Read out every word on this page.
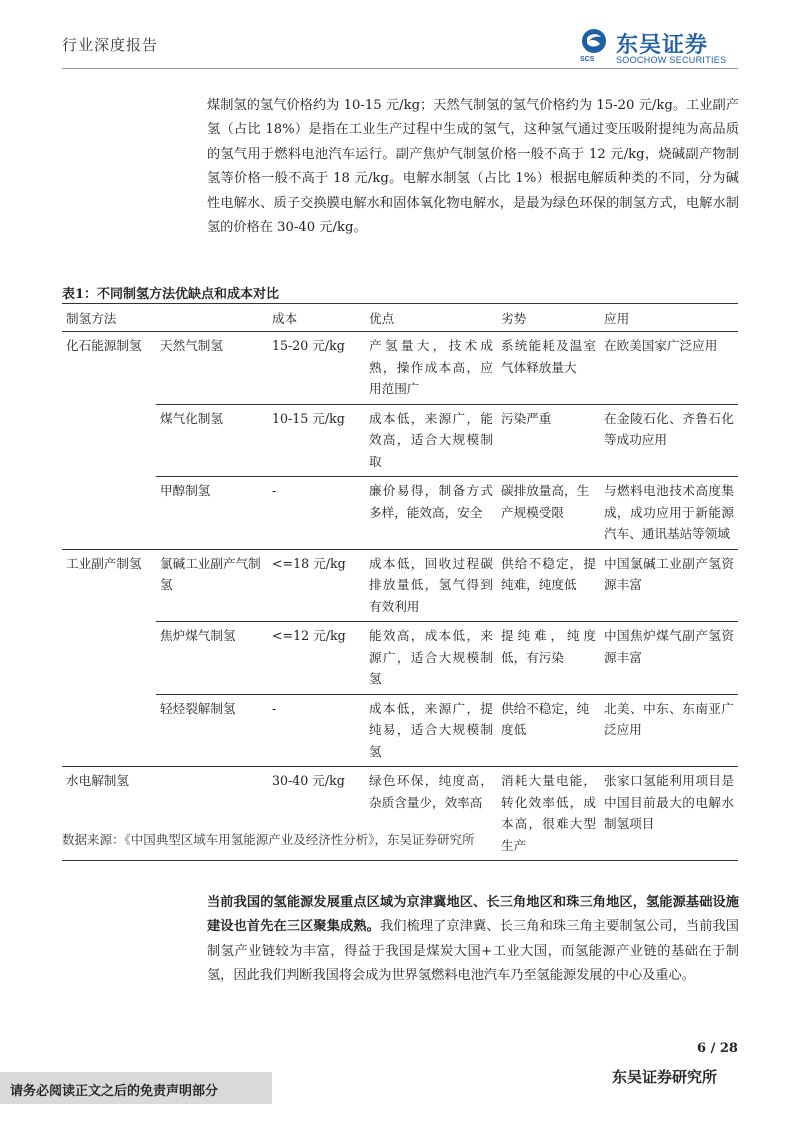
行业深度报告
SCS
东吴证券
SOOCHOW SECURITIES

煤制氢的氢气价格约为 10-15 元/kg；天然气制氢的氢气价格约为 15-20 元/kg。工业副产氢（占比 18%）是指在工业生产过程中生成的氢气，这种氢气通过变压吸附提纯为高品质的氢气用于燃料电池汽车运行。副产焦炉气制氢价格一般不高于 12 元/kg，烧碱副产物制氢等价格一般不高于 18 元/kg。电解水制氢（占比 1%）根据电解质种类的不同，分为碱性电解水、质子交换膜电解水和固体氧化物电解水，是最为绿色环保的制氢方式，电解水制氢的价格在 30-40 元/kg。

表1：不同制氢方法优缺点和成本对比
制氢方法		成本	优点	劣势	应用
化石能源制氢	天然气制氢	15-20 元/kg	产氢量大，技术成熟，操作成本高，应用范围广	系统能耗及温室气体释放量大	在欧美国家广泛应用
	煤气化制氢	10-15 元/kg	成本低，来源广，能效高，适合大规模制取	污染严重	在金陵石化、齐鲁石化等成功应用
	甲醇制氢	-	廉价易得，制备方式多样，能效高，安全	碳排放量高，生产规模受限	与燃料电池技术高度集成，成功应用于新能源汽车、通讯基站等领域
工业副产制氢	氯碱工业副产气制氢	<=18 元/kg	成本低，回收过程碳排放量低，氢气得到有效利用	供给不稳定，提纯难，纯度低	中国氯碱工业副产氢资源丰富
	焦炉煤气制氢	<=12 元/kg	能效高，成本低，来源广，适合大规模制氢	提纯难，纯度低，有污染	中国焦炉煤气副产氢资源丰富
	轻烃裂解制氢	-	成本低，来源广，提纯易，适合大规模制氢	供给不稳定，纯度低	北美、中东、东南亚广泛应用
水电解制氢		30-40 元/kg	绿色环保，纯度高，杂质含量少，效率高	消耗大量电能，转化效率低，成本高，很难大型生产	张家口氢能利用项目是中国目前最大的电解水制氢项目
数据来源：《中国典型区域车用氢能源产业及经济性分析》，东吴证券研究所

当前我国的氢能源发展重点区域为京津冀地区、长三角地区和珠三角地区，氢能源基础设施建设也首先在三区聚集成熟。我们梳理了京津冀、长三角和珠三角主要制氢公司，当前我国制氢产业链较为丰富，得益于我国是煤炭大国+工业大国，而氢能源产业链的基础在于制氢，因此我们判断我国将会成为世界氢燃料电池汽车乃至氢能源发展的中心及重心。

6 / 28
请务必阅读正文之后的免责声明部分
东吴证券研究所
